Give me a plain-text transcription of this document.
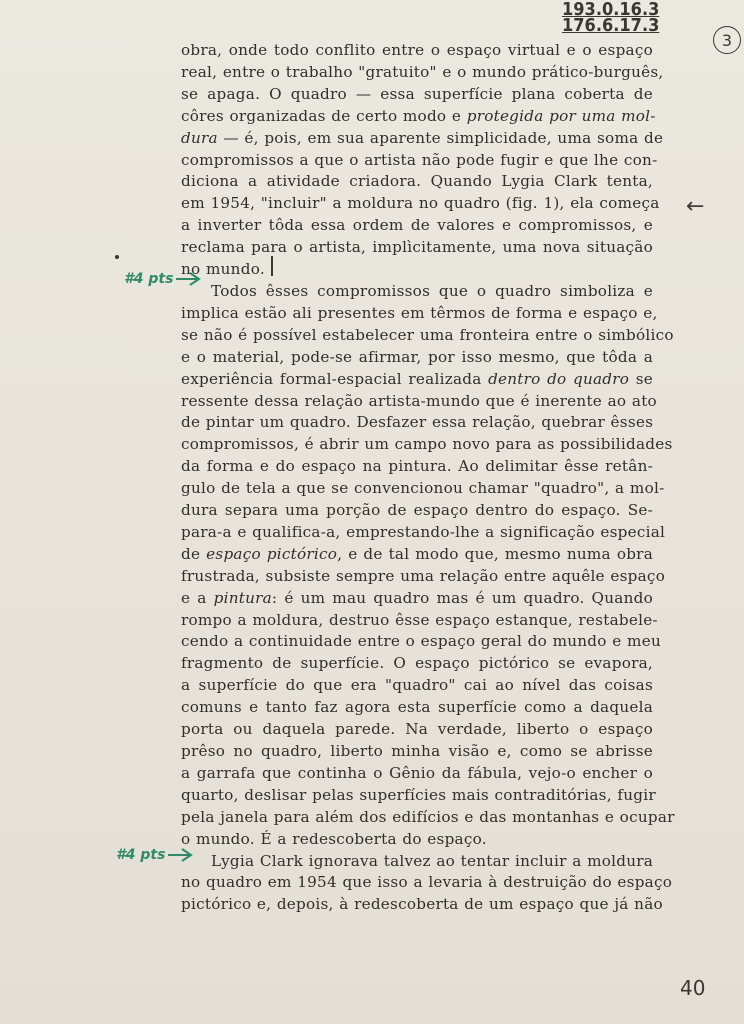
193.0.16.3
176.6.17.3
3
←
#4 pts
#4 pts
obra, onde todo conflito entre o espaço virtual e o espaço
real, entre o trabalho "gratuito" e o mundo prático-burguês,
se apaga. O quadro — essa superfície plana coberta de
côres organizadas de certo modo e protegida por uma mol-
dura — é, pois, em sua aparente simplicidade, uma soma de
compromissos a que o artista não pode fugir e que lhe con-
diciona a atividade criadora. Quando Lygia Clark tenta,
em 1954, "incluir" a moldura no quadro (fig. 1), ela começa
a inverter tôda essa ordem de valores e compromissos, e
reclama para o artista, implìcitamente, uma nova situação
no mundo.
Todos êsses compromissos que o quadro simboliza e
implica estão ali presentes em têrmos de forma e espaço e,
se não é possível estabelecer uma fronteira entre o simbólico
e o material, pode-se afirmar, por isso mesmo, que tôda a
experiência formal-espacial realizada dentro do quadro se
ressente dessa relação artista-mundo que é inerente ao ato
de pintar um quadro. Desfazer essa relação, quebrar êsses
compromissos, é abrir um campo novo para as possibilidades
da forma e do espaço na pintura. Ao delimitar êsse retân-
gulo de tela a que se convencionou chamar "quadro", a mol-
dura separa uma porção de espaço dentro do espaço. Se-
para-a e qualifica-a, emprestando-lhe a significação especial
de espaço pictórico, e de tal modo que, mesmo numa obra
frustrada, subsiste sempre uma relação entre aquêle espaço
e a pintura: é um mau quadro mas é um quadro. Quando
rompo a moldura, destruo êsse espaço estanque, restabele-
cendo a continuidade entre o espaço geral do mundo e meu
fragmento de superfície. O espaço pictórico se evapora,
a superfície do que era "quadro" cai ao nível das coisas
comuns e tanto faz agora esta superfície como a daquela
porta ou daquela parede. Na verdade, liberto o espaço
prêso no quadro, liberto minha visão e, como se abrisse
a garrafa que continha o Gênio da fábula, vejo-o encher o
quarto, deslisar pelas superfícies mais contraditórias, fugir
pela janela para além dos edifícios e das montanhas e ocupar
o mundo. É a redescoberta do espaço.
Lygia Clark ignorava talvez ao tentar incluir a moldura
no quadro em 1954 que isso a levaria à destruição do espaço
pictórico e, depois, à redescoberta de um espaço que já não
40
